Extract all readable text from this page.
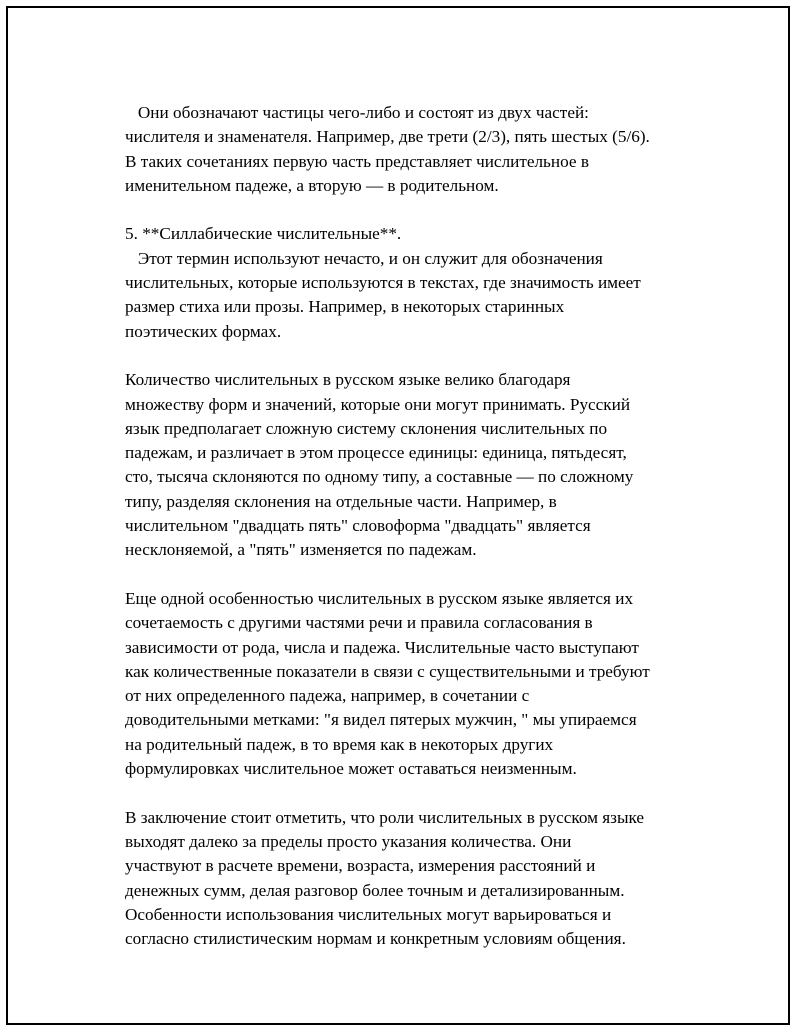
Они обозначают частицы чего-либо и состоят из двух частей:
числителя и знаменателя. Например, две трети (2/3), пять шестых (5/6).
В таких сочетаниях первую часть представляет числительное в
именительном падеже, а вторую — в родительном.
5. **Силлабические числительные**.
Этот термин используют нечасто, и он служит для обозначения
числительных, которые используются в текстах, где значимость имеет
размер стиха или прозы. Например, в некоторых старинных
поэтических формах.
Количество числительных в русском языке велико благодаря
множеству форм и значений, которые они могут принимать. Русский
язык предполагает сложную систему склонения числительных по
падежам, и различает в этом процессе единицы: единица, пятьдесят,
сто, тысяча склоняются по одному типу, а составные — по сложному
типу, разделяя склонения на отдельные части. Например, в
числительном "двадцать пять" словоформа "двадцать" является
несклоняемой, а "пять" изменяется по падежам.
Еще одной особенностью числительных в русском языке является их
сочетаемость с другими частями речи и правила согласования в
зависимости от рода, числа и падежа. Числительные часто выступают
как количественные показатели в связи с существительными и требуют
от них определенного падежа, например, в сочетании с
доводительными метками: "я видел пятерых мужчин, " мы упираемся
на родительный падеж, в то время как в некоторых других
формулировках числительное может оставаться неизменным.
В заключение стоит отметить, что роли числительных в русском языке
выходят далеко за пределы просто указания количества. Они
участвуют в расчете времени, возраста, измерения расстояний и
денежных сумм, делая разговор более точным и детализированным.
Особенности использования числительных могут варьироваться и
согласно стилистическим нормам и конкретным условиям общения.
